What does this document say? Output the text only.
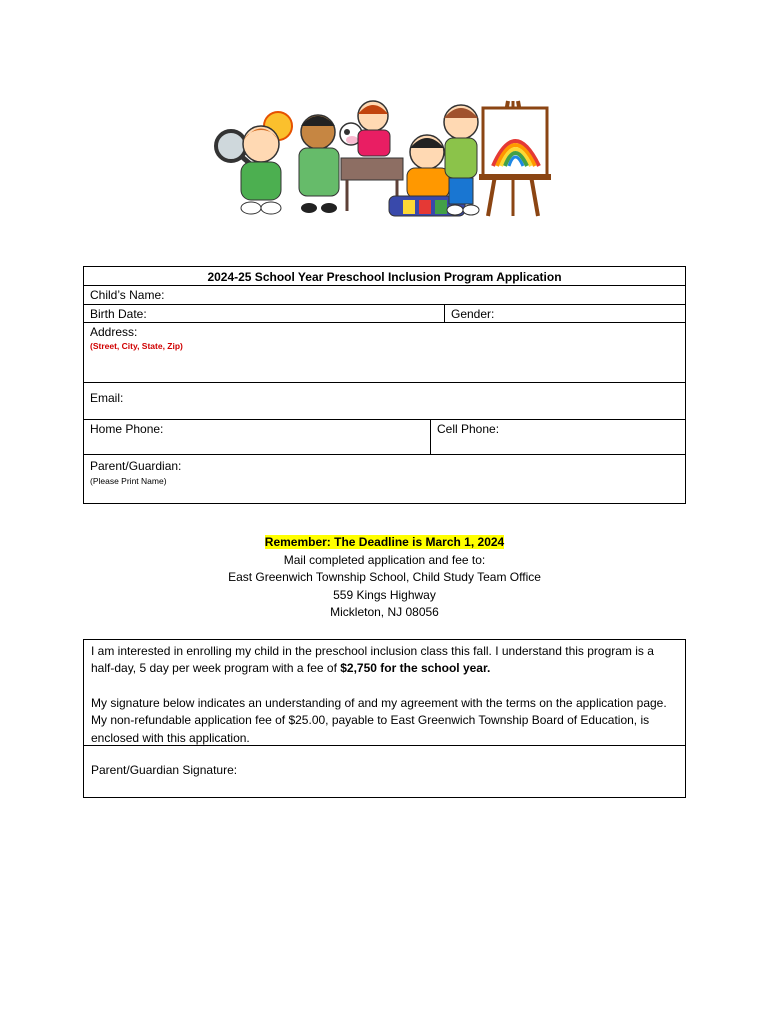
2024-25 School Year Preschool Inclusion Program Application
Child’s Name:
Birth Date:	Gender:
Address:
(Street, City, State, Zip)
Email:
Home Phone:	Cell Phone:
Parent/Guardian:
(Please Print Name)
Remember: The Deadline is March 1, 2024
Mail completed application and fee to:
East Greenwich Township School, Child Study Team Office
559 Kings Highway
Mickleton, NJ 08056

I am interested in enrolling my child in the preschool inclusion class this fall. I understand this program is a half-day, 5 day per week program with a fee of $2,750 for the school year.

My signature below indicates an understanding of and my agreement with the terms on the application page. My non-refundable application fee of $25.00, payable to East Greenwich Township Board of Education, is enclosed with this application.

Parent/Guardian Signature:
